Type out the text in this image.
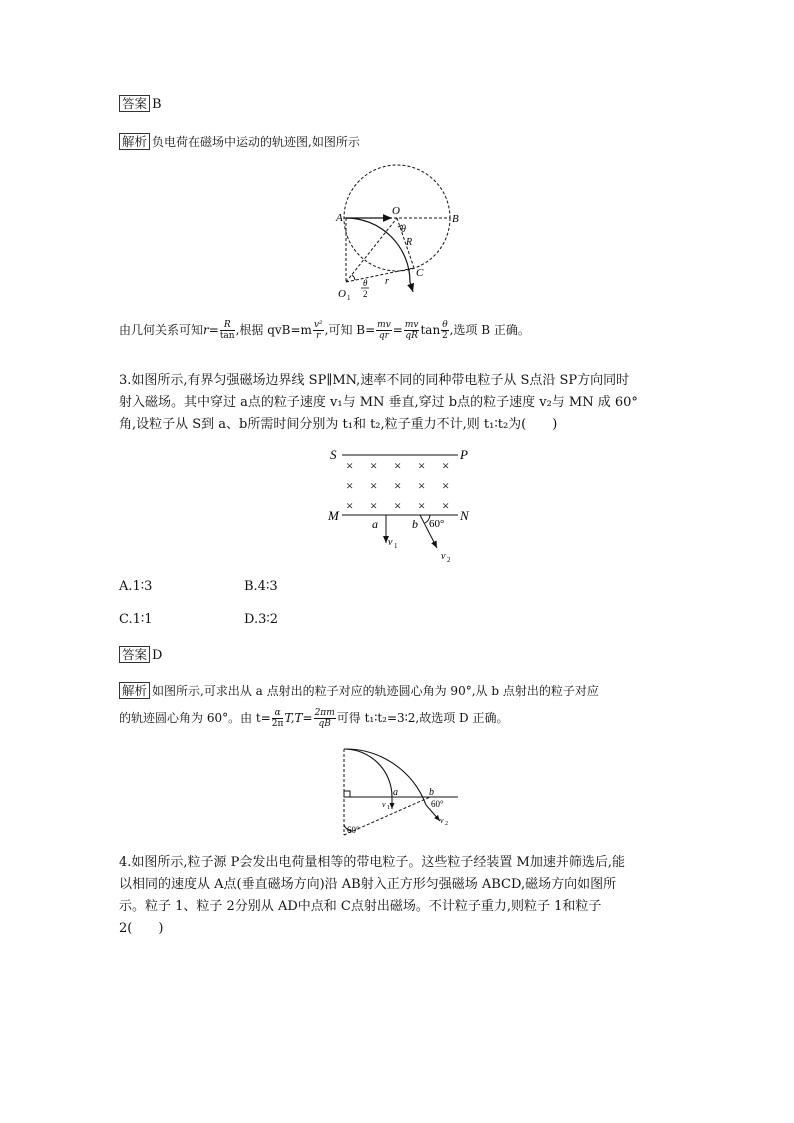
答案 B
解析 负电荷在磁场中运动的轨迹图,如图所示
A
O
B
θ
R
C
O 1
r
θ
2
由几何关系可知$r= \frac{R}{\tan}$ ,根据 $qvB=m \frac{\text{v²}}{r}$ ,可知 $B= \frac{mv}{qr} = \frac{mv}{qR}$ $\tan \frac{\theta}{2}$ ,选项 B 正确。
3.如图所示,有界匀强磁场边界线 SP∥MN,速率不同的同种带电粒子从 S点沿 SP方向同时
射入磁场。其中穿过 a点的粒子速度 v₁与 MN 垂直,穿过 b点的粒子速度 v₂与 MN 成 60°
角,设粒子从 S到 a、b所需时间分别为 t₁和 t₂,粒子重力不计,则 t₁∶t₂为(　　)
S	P
× × × × ×
× × × × ×
× × × × ×
M	N
a
v 1
b 60°
v 2
A.1∶3	B.4∶3
C.1∶1	D.3∶2
答案 D
解析 如图所示,可求出从 a 点射出的粒子对应的轨迹圆心角为 90°,从 b 点射出的粒子对应
的轨迹圆心角为 60°。由 $t= \frac{\alpha}{2\pi} T,T= \frac{2\pi m}{qB}$ 可得 t₁∶t₂=3∶2,故选项 D 正确。
a	b
v 1	60°
v 2
60°
4.如图所示,粒子源 P会发出电荷量相等的带电粒子。这些粒子经装置 M加速并筛选后,能
以相同的速度从 A点(垂直磁场方向)沿 AB射入正方形匀强磁场 ABCD,磁场方向如图所
示。粒子 1、粒子 2分别从 AD中点和 C点射出磁场。不计粒子重力,则粒子 1和粒子
2(　　)
